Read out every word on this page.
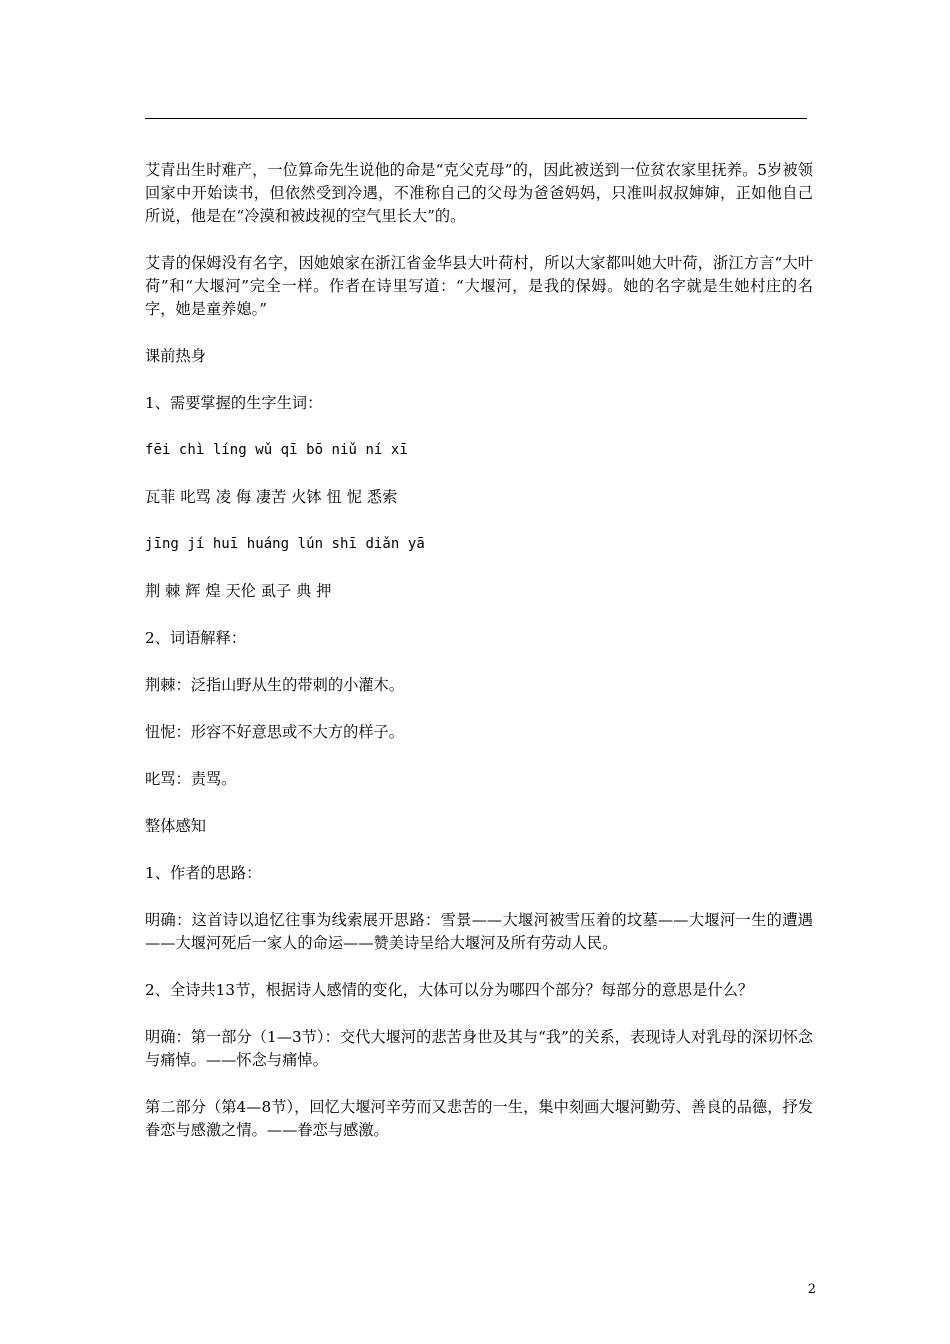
艾青出生时难产，一位算命先生说他的命是“克父克母”的，因此被送到一位贫农家里抚养。5岁被领回家中开始读书，但依然受到冷遇，不准称自己的父母为爸爸妈妈，只准叫叔叔婶婶，正如他自己所说，他是在“冷漠和被歧视的空气里长大”的。

艾青的保姆没有名字，因她娘家在浙江省金华县大叶荷村，所以大家都叫她大叶荷，浙江方言“大叶荷”和“大堰河”完全一样。作者在诗里写道：“大堰河，是我的保姆。她的名字就是生她村庄的名字，她是童养媳。”

课前热身

1、需要掌握的生字生词：

fēi chì líng wǔ qī bō niǔ ní xī

瓦菲 叱骂 凌 侮 凄苦 火钵 忸 怩 悉索

jīng jí huī huáng lún shī diǎn yā

荆 棘 辉 煌 天伦 虱子 典 押

2、词语解释：

荆棘：泛指山野从生的带刺的小灌木。

忸怩：形容不好意思或不大方的样子。

叱骂：责骂。

整体感知

1、作者的思路：

明确：这首诗以追忆往事为线索展开思路：雪景——大堰河被雪压着的坟墓——大堰河一生的遭遇——大堰河死后一家人的命运——赞美诗呈给大堰河及所有劳动人民。

2、全诗共13节，根据诗人感情的变化，大体可以分为哪四个部分？每部分的意思是什么？

明确：第一部分（1—3节）：交代大堰河的悲苦身世及其与“我”的关系，表现诗人对乳母的深切怀念与痛悼。——怀念与痛悼。

第二部分（第4—8节），回忆大堰河辛劳而又悲苦的一生，集中刻画大堰河勤劳、善良的品德，抒发眷恋与感激之情。——眷恋与感激。

2
